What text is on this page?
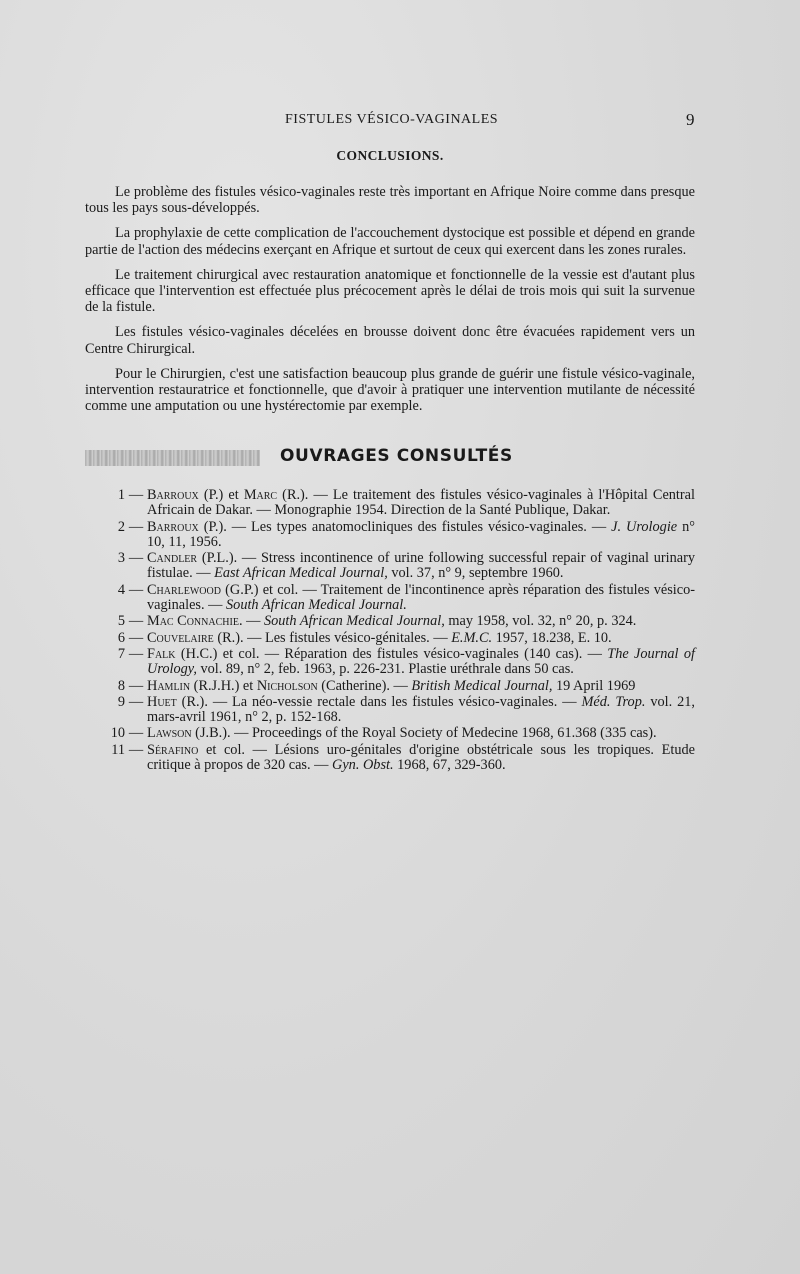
FISTULES VÉSICO-VAGINALES	9
CONCLUSIONS.

Le problème des fistules vésico-vaginales reste très important en Afrique Noire comme dans presque tous les pays sous-développés.

La prophylaxie de cette complication de l'accouchement dystocique est possible et dépend en grande partie de l'action des médecins exerçant en Afrique et surtout de ceux qui exercent dans les zones rurales.

Le traitement chirurgical avec restauration anatomique et fonctionnelle de la vessie est d'autant plus efficace que l'intervention est effectuée plus précocement après le délai de trois mois qui suit la survenue de la fistule.

Les fistules vésico-vaginales décelées en brousse doivent donc être évacuées rapidement vers un Centre Chirurgical.

Pour le Chirurgien, c'est une satisfaction beaucoup plus grande de guérir une fistule vésico-vaginale, intervention restauratrice et fonctionnelle, que d'avoir à pratiquer une intervention mutilante de nécessité comme une amputation ou une hystérectomie par exemple.

OUVRAGES CONSULTÉS
1 — Barroux (P.) et Marc (R.). — Le traitement des fistules vésico-vaginales à l'Hôpital Central Africain de Dakar. — Monographie 1954. Direction de la Santé Publique, Dakar.
2 — Barroux (P.). — Les types anatomocliniques des fistules vésico-vaginales. — J. Urologie n° 10, 11, 1956.
3 — Candler (P.L.). — Stress incontinence of urine following successful repair of vaginal urinary fistulae. — East African Medical Journal, vol. 37, n° 9, septembre 1960.
4 — Charlewood (G.P.) et col. — Traitement de l'incontinence après réparation des fistules vésico-vaginales. — South African Medical Journal.
5 — Mac Connachie. — South African Medical Journal, may 1958, vol. 32, n° 20, p. 324.
6 — Couvelaire (R.). — Les fistules vésico-génitales. — E.M.C. 1957, 18.238, E. 10.
7 — Falk (H.C.) et col. — Réparation des fistules vésico-vaginales (140 cas). — The Journal of Urology, vol. 89, n° 2, feb. 1963, p. 226-231. Plastie uréthrale dans 50 cas.
8 — Hamlin (R.J.H.) et Nicholson (Catherine). — British Medical Journal, 19 April 1969
9 — Huet (R.). — La néo-vessie rectale dans les fistules vésico-vaginales. — Méd. Trop. vol. 21, mars-avril 1961, n° 2, p. 152-168.
10 — Lawson (J.B.). — Proceedings of the Royal Society of Medecine 1968, 61.368 (335 cas).
11 — Sérafino et col. — Lésions uro-génitales d'origine obstétricale sous les tropiques. Etude critique à propos de 320 cas. — Gyn. Obst. 1968, 67, 329-360.
